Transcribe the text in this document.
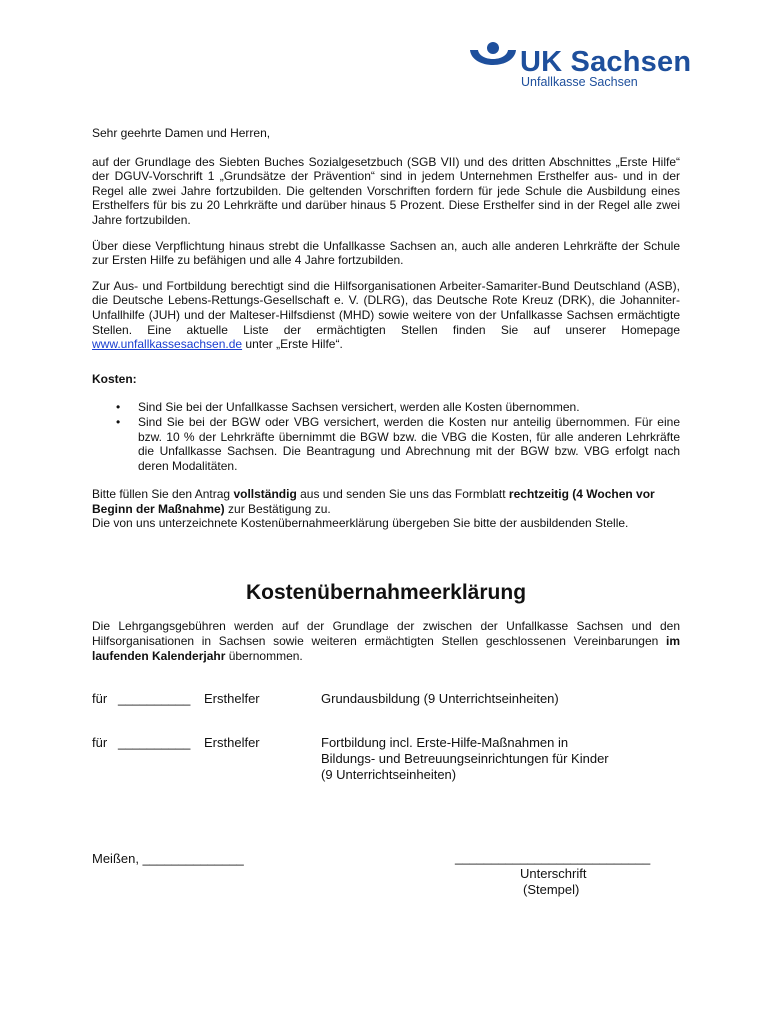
UK Sachsen
Unfallkasse Sachsen

Sehr geehrte Damen und Herren,

auf der Grundlage des Siebten Buches Sozialgesetzbuch (SGB VII) und des dritten Abschnittes „Erste Hilfe“ der DGUV-Vorschrift 1 „Grundsätze der Prävention“ sind in jedem Unternehmen Ersthelfer aus- und in der Regel alle zwei Jahre fortzubilden. Die geltenden Vorschriften fordern für jede Schule die Ausbildung eines Ersthelfers für bis zu 20 Lehrkräfte und darüber hinaus 5 Prozent. Diese Ersthelfer sind in der Regel alle zwei Jahre fortzubilden.

Über diese Verpflichtung hinaus strebt die Unfallkasse Sachsen an, auch alle anderen Lehrkräfte der Schule zur Ersten Hilfe zu befähigen und alle 4 Jahre fortzubilden.

Zur Aus- und Fortbildung berechtigt sind die Hilfsorganisationen Arbeiter-Samariter-Bund Deutschland (ASB), die Deutsche Lebens-Rettungs-Gesellschaft e. V. (DLRG), das Deutsche Rote Kreuz (DRK), die Johanniter-Unfallhilfe (JUH) und der Malteser-Hilfsdienst (MHD) sowie weitere von der Unfallkasse Sachsen ermächtigte Stellen. Eine aktuelle Liste der ermächtigten Stellen finden Sie auf unserer Homepage www.unfallkassesachsen.de unter „Erste Hilfe“.

Kosten:

• Sind Sie bei der Unfallkasse Sachsen versichert, werden alle Kosten übernommen.
• Sind Sie bei der BGW oder VBG versichert, werden die Kosten nur anteilig übernommen. Für eine bzw. 10 % der Lehrkräfte übernimmt die BGW bzw. die VBG die Kosten, für alle anderen Lehrkräfte die Unfallkasse Sachsen. Die Beantragung und Abrechnung mit der BGW bzw. VBG erfolgt nach deren Modalitäten.

Bitte füllen Sie den Antrag vollständig aus und senden Sie uns das Formblatt rechtzeitig (4 Wochen vor Beginn der Maßnahme) zur Bestätigung zu.

Die von uns unterzeichnete Kostenübernahmeerklärung übergeben Sie bitte der ausbildenden Stelle.

Kostenübernahmeerklärung
Die Lehrgangsgebühren werden auf der Grundlage der zwischen der Unfallkasse Sachsen und den Hilfsorganisationen in Sachsen sowie weiteren ermächtigten Stellen geschlossenen Vereinbarungen im laufenden Kalenderjahr übernommen.
für __________ Ersthelfer	Grundausbildung (9 Unterrichtseinheiten)
für __________ Ersthelfer	Fortbildung incl. Erste-Hilfe-Maßnahmen in
Bildungs- und Betreuungseinrichtungen für Kinder
(9 Unterrichtseinheiten)
Meißen, ______________	___________________________
Unterschrift
(Stempel)
